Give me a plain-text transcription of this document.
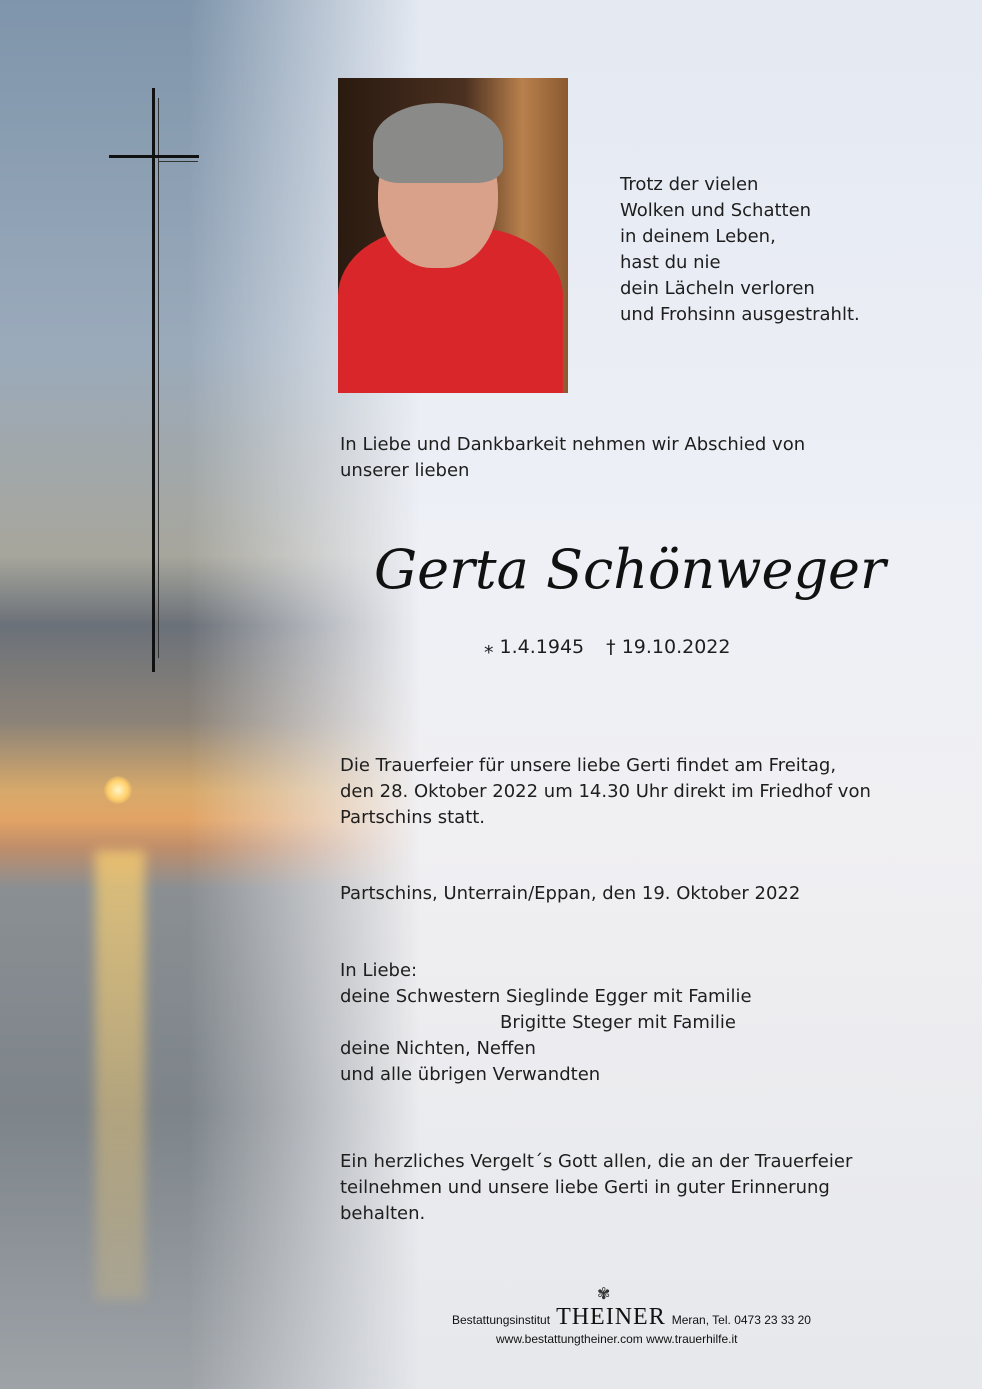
Trotz der vielen
Wolken und Schatten
in deinem Leben,
hast du nie
dein Lächeln verloren
und Frohsinn ausgestrahlt.
In Liebe und Dankbarkeit nehmen wir Abschied von
unserer lieben
Gerta Schönweger
⁎ 1.4.1945 † 19.10.2022
Die Trauerfeier für unsere liebe Gerti findet am Freitag,
den 28. Oktober 2022 um 14.30 Uhr direkt im Friedhof von
Partschins statt.
Partschins, Unterrain/Eppan, den 19. Oktober 2022
In Liebe:
deine Schwestern Sieglinde Egger mit Familie
Brigitte Steger mit Familie
deine Nichten, Neffen
und alle übrigen Verwandten
Ein herzliches Vergelt´s Gott allen, die an der Trauerfeier
teilnehmen und unsere liebe Gerti in guter Erinnerung
behalten.
✾
Bestattungsinstitut THEINER Meran, Tel. 0473 23 33 20
www.bestattungtheiner.com www.trauerhilfe.it
